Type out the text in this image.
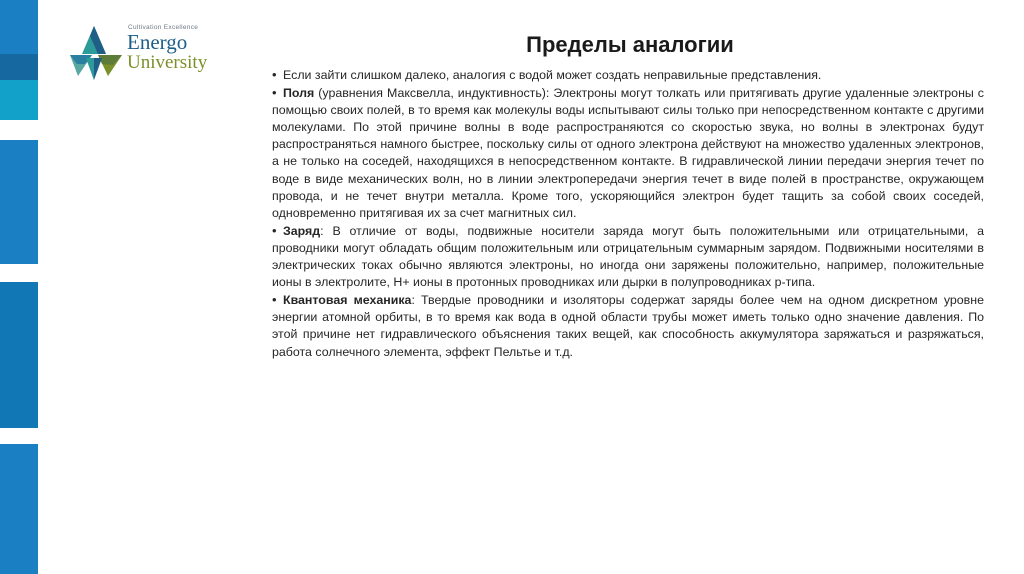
Cultivation Excellence
Energo
University
Пределы аналогии

• Если зайти слишком далеко, аналогия с водой может создать неправильные представления.

• Поля (уравнения Максвелла, индуктивность): Электроны могут толкать или притягивать другие удаленные электроны с помощью своих полей, в то время как молекулы воды испытывают силы только при непосредственном контакте с другими молекулами. По этой причине волны в воде распространяются со скоростью звука, но волны в электронах будут распространяться намного быстрее, поскольку силы от одного электрона действуют на множество удаленных электронов, а не только на соседей, находящихся в непосредственном контакте. В гидравлической линии передачи энергия течет по воде в виде механических волн, но в линии электропередачи энергия течет в виде полей в пространстве, окружающем провода, и не течет внутри металла. Кроме того, ускоряющийся электрон будет тащить за собой своих соседей, одновременно притягивая их за счет магнитных сил.

• Заряд: В отличие от воды, подвижные носители заряда могут быть положительными или отрицательными, а проводники могут обладать общим положительным или отрицательным суммарным зарядом. Подвижными носителями в электрических токах обычно являются электроны, но иногда они заряжены положительно, например, положительные ионы в электролите, H+ ионы в протонных проводниках или дырки в полупроводниках p-типа.

• Квантовая механика: Твердые проводники и изоляторы содержат заряды более чем на одном дискретном уровне энергии атомной орбиты, в то время как вода в одной области трубы может иметь только одно значение давления. По этой причине нет гидравлического объяснения таких вещей, как способность аккумулятора заряжаться и разряжаться, работа солнечного элемента, эффект Пельтье и т.д.
